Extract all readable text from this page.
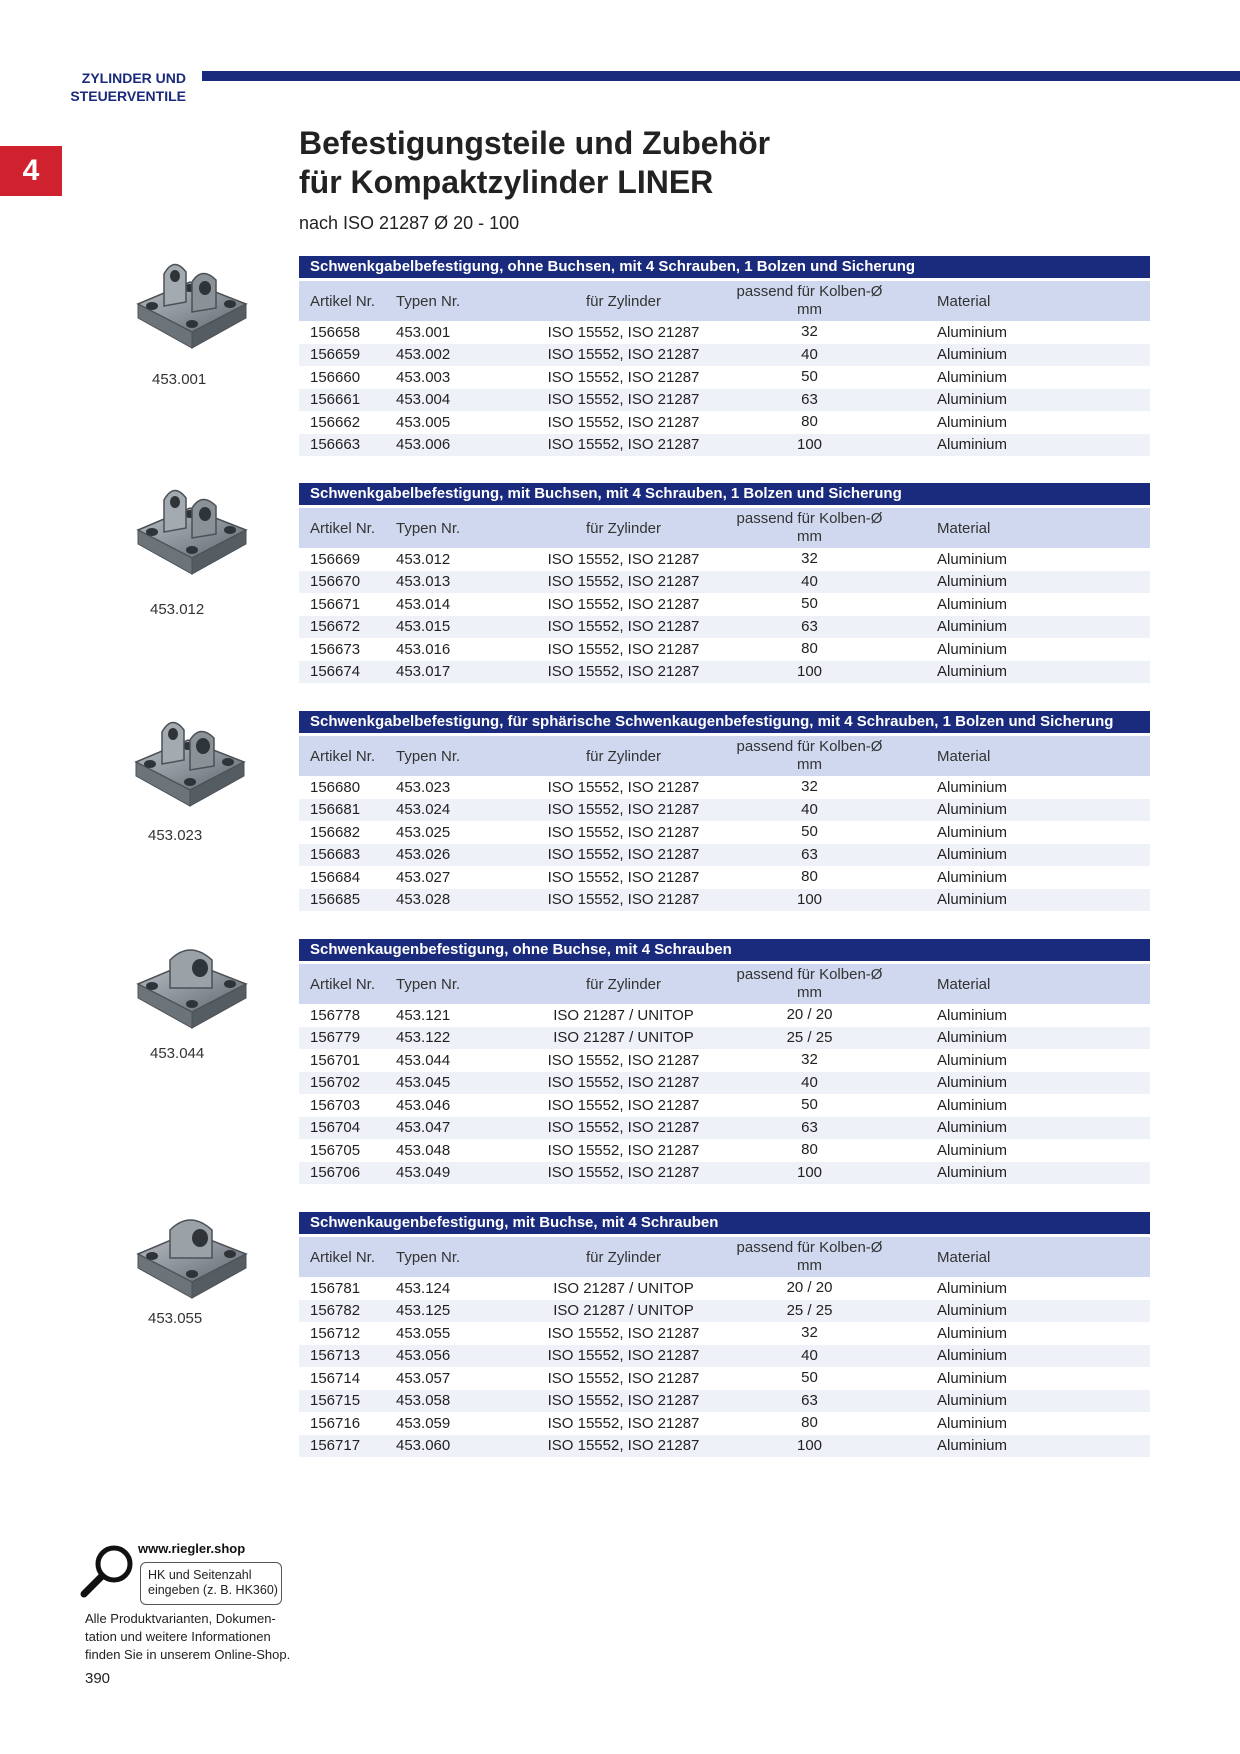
ZYLINDER UND
STEUERVENTILE
4
Befestigungsteile und Zubehör
für Kompaktzylinder LINER
nach ISO 21287 Ø 20 - 100
Schwenkgabelbefestigung, ohne Buchsen, mit 4 Schrauben, 1 Bolzen und Sicherung
Artikel Nr.	Typen Nr.	für Zylinder
passend für Kolben-Ø
mm	Material
156658	453.001	ISO 15552, ISO 21287	32	Aluminium
156659	453.002	ISO 15552, ISO 21287	40	Aluminium
156660	453.003	ISO 15552, ISO 21287	50	Aluminium
156661	453.004	ISO 15552, ISO 21287	63	Aluminium
156662	453.005	ISO 15552, ISO 21287	80	Aluminium
156663	453.006	ISO 15552, ISO 21287	100	Aluminium
453.001
Schwenkgabelbefestigung, mit Buchsen, mit 4 Schrauben, 1 Bolzen und Sicherung
Artikel Nr.	Typen Nr.	für Zylinder
passend für Kolben-Ø
mm	Material
156669	453.012	ISO 15552, ISO 21287	32	Aluminium
156670	453.013	ISO 15552, ISO 21287	40	Aluminium
156671	453.014	ISO 15552, ISO 21287	50	Aluminium
156672	453.015	ISO 15552, ISO 21287	63	Aluminium
156673	453.016	ISO 15552, ISO 21287	80	Aluminium
156674	453.017	ISO 15552, ISO 21287	100	Aluminium
453.012
Schwenkgabelbefestigung, für sphärische Schwenkaugenbefestigung, mit 4 Schrauben, 1 Bolzen und Sicherung
Artikel Nr.	Typen Nr.	für Zylinder
passend für Kolben-Ø
mm	Material
156680	453.023	ISO 15552, ISO 21287	32	Aluminium
156681	453.024	ISO 15552, ISO 21287	40	Aluminium
156682	453.025	ISO 15552, ISO 21287	50	Aluminium
156683	453.026	ISO 15552, ISO 21287	63	Aluminium
156684	453.027	ISO 15552, ISO 21287	80	Aluminium
156685	453.028	ISO 15552, ISO 21287	100	Aluminium
453.023
Schwenkaugenbefestigung, ohne Buchse, mit 4 Schrauben
Artikel Nr.	Typen Nr.	für Zylinder
passend für Kolben-Ø
mm	Material
156778	453.121	ISO 21287 / UNITOP	20 / 20	Aluminium
156779	453.122	ISO 21287 / UNITOP	25 / 25	Aluminium
156701	453.044	ISO 15552, ISO 21287	32	Aluminium
156702	453.045	ISO 15552, ISO 21287	40	Aluminium
156703	453.046	ISO 15552, ISO 21287	50	Aluminium
156704	453.047	ISO 15552, ISO 21287	63	Aluminium
156705	453.048	ISO 15552, ISO 21287	80	Aluminium
156706	453.049	ISO 15552, ISO 21287	100	Aluminium
453.044
Schwenkaugenbefestigung, mit Buchse, mit 4 Schrauben
Artikel Nr.	Typen Nr.	für Zylinder
passend für Kolben-Ø
mm	Material
156781	453.124	ISO 21287 / UNITOP	20 / 20	Aluminium
156782	453.125	ISO 21287 / UNITOP	25 / 25	Aluminium
156712	453.055	ISO 15552, ISO 21287	32	Aluminium
156713	453.056	ISO 15552, ISO 21287	40	Aluminium
156714	453.057	ISO 15552, ISO 21287	50	Aluminium
156715	453.058	ISO 15552, ISO 21287	63	Aluminium
156716	453.059	ISO 15552, ISO 21287	80	Aluminium
156717	453.060	ISO 15552, ISO 21287	100	Aluminium
453.055
www.riegler.shop
HK und Seitenzahl
eingeben (z. B. HK360)
Alle Produktvarianten, Dokumen-
tation und weitere Informationen
finden Sie in unserem Online-Shop.
390
